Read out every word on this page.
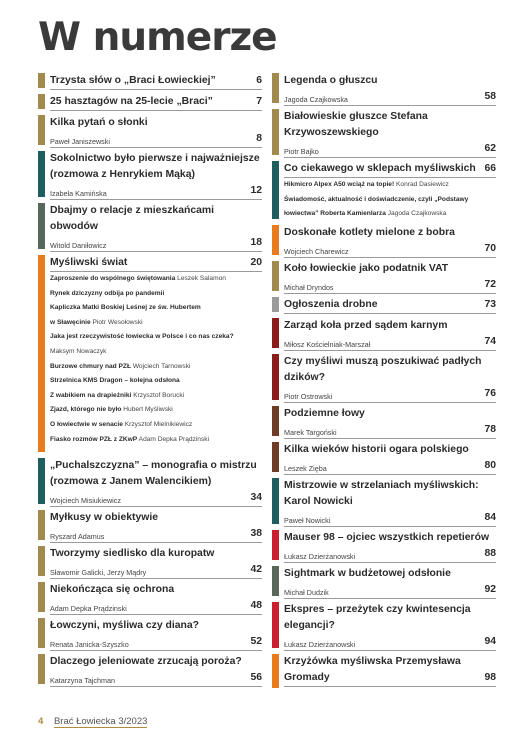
W numerze
Trzysta słów o „Braci Łowieckiej”	6
25 hasztagów na 25-lecie „Braci”	7
Kilka pytań o słonki
Paweł Janiszewski	8
Sokolnictwo było pierwsze i najważniejsze (rozmowa z Henrykiem Mąką)
Izabela Kamińska	12
Dbajmy o relacje z mieszkańcami obwodów
Witold Daniłowicz	18
Myśliwski świat	20
Zaproszenie do wspólnego świętowania Leszek Salamon
Rynek dziczyzny odbija po pandemii
Kapliczka Matki Boskiej Leśnej ze św. Hubertem
w Sławęcinie Piotr Wesołowski
Jaka jest rzeczywistość łowiecka w Polsce i co nas czeka?
Maksym Nowaczyk
Burzowe chmury nad PZŁ Wojciech Tarnowski
Strzelnica KMS Dragon – kolejna odsłona
Z wabikiem na drapieżniki Krzysztof Borucki
Zjazd, którego nie było Hubert Myśliwski
O łowiectwie w senacie Krzysztof Mielnikiewicz
Fiasko rozmów PZŁ z ZKwP Adam Depka Prądzinski
„Puchalszczyzna” – monografia o mistrzu (rozmowa z Janem Walencikiem)
Wojciech Misiukiewicz	34
Myłkusy w obiektywie
Ryszard Adamus	38
Tworzymy siedlisko dla kuropatw
Sławomir Galicki, Jerzy Mądry	42
Niekończąca się ochrona
Adam Depka Prądzinski	48
Łowczyni, myśliwa czy diana?
Renata Janicka-Szyszko	52
Dlaczego jeleniowate zrzucają poroża?
Katarzyna Tajchman	56
Legenda o głuszcu
Jagoda Czajkowska	58
Białowieskie głuszce Stefana Krzywoszewskiego
Piotr Bajko	62
Co ciekawego w sklepach myśliwskich 66
Hikmicro Alpex A50 wciąż na topie! Konrad Dasiewicz
Świadomość, aktualność i doświadczenie, czyli „Podstawy
łowiectwa” Roberta KamienIarza Jagoda Czajkowska
Doskonałe kotlety mielone z bobra
Wojciech Charewicz	70
Koło łowieckie jako podatnik VAT
Michał Dryndos	72
Ogłoszenia drobne	73
Zarząd koła przed sądem karnym
Miłosz Kościelniak-Marszał	74
Czy myśliwi muszą poszukiwać padłych dzików?
Piotr Ostrowski	76
Podziemne łowy
Marek Targoński	78
Kilka wieków historii ogara polskiego
Leszek Zięba	80
Mistrzowie w strzelaniach myśliwskich: Karol Nowicki
Paweł Nowicki	84
Mauser 98 – ojciec wszystkich repetierów
Łukasz Dzierżanowski	88
Sightmark w budżetowej odsłonie
Michał Dudzik	92
Ekspres – przeżytek czy kwintesencja elegancji?
Łukasz Dzierżanowski	94
Krzyżówka myśliwska Przemysława Gromady	98
4 Brać Łowiecka 3/2023
